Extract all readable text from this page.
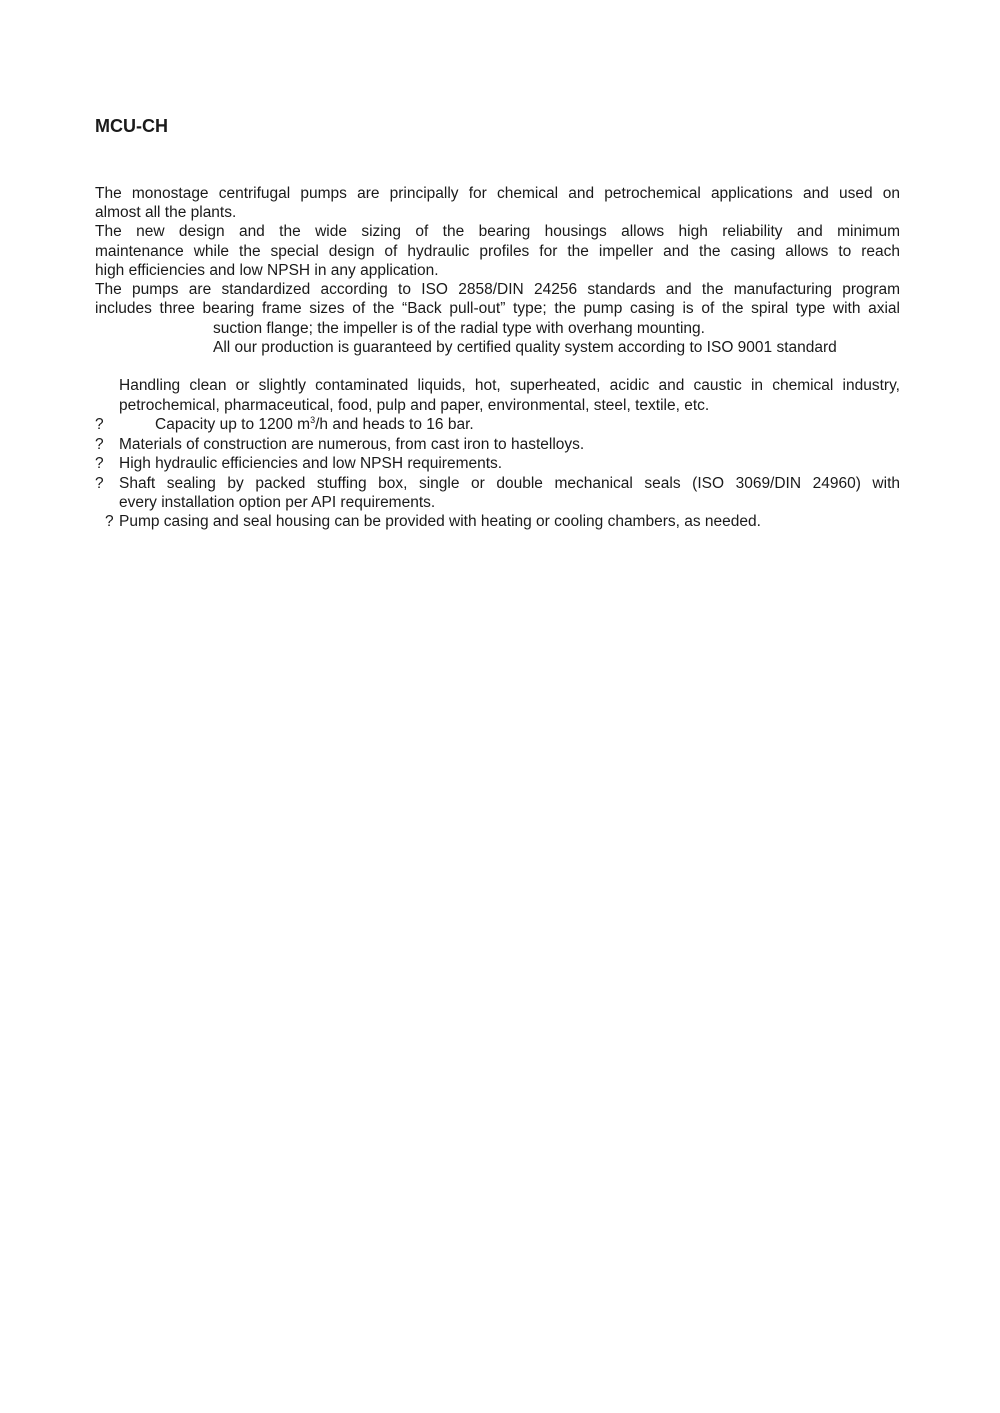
MCU-CH
The monostage centrifugal pumps are principally for chemical and petrochemical applications and used on
almost all the plants.
The new design and the wide sizing of the bearing housings allows high reliability and minimum
maintenance while the special design of hydraulic profiles for the impeller and the casing allows to reach
high efficiencies and low NPSH in any application.
The pumps are standardized according to ISO 2858/DIN 24256 standards and the manufacturing program
includes three bearing frame sizes of the “Back pull-out” type; the pump casing is of the spiral type with axial
suction flange; the impeller is of the radial type with overhang mounting.
All our production is guaranteed by certified quality system according to ISO 9001 standard
Handling clean or slightly contaminated liquids, hot, superheated, acidic and caustic in chemical industry,
petrochemical, pharmaceutical, food, pulp and paper, environmental, steel, textile, etc.
?	Capacity up to 1200 $m^3/h$ and heads to 16 bar.
? Materials of construction are numerous, from cast iron to hastelloys.
? High hydraulic efficiencies and low NPSH requirements.
? Shaft sealing by packed stuffing box, single or double mechanical seals (ISO 3069/DIN 24960) with
every installation option per API requirements.
? Pump casing and seal housing can be provided with heating or cooling chambers, as needed.
